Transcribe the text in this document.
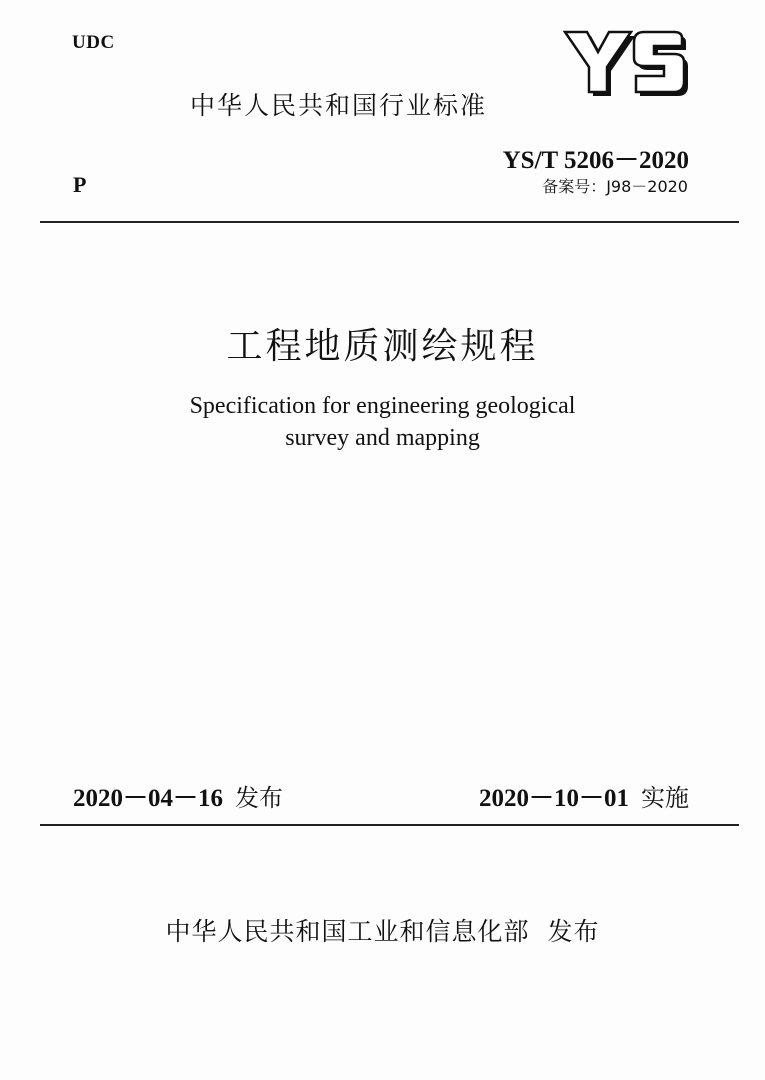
UDC
中华人民共和国行业标准
YS/T 5206－2020
备案号：J98－2020
P
工程地质测绘规程
Specification for engineering geological
survey and mapping
2020－04－16 发布	2020－10－01 实施
中华人民共和国工业和信息化部  发布
